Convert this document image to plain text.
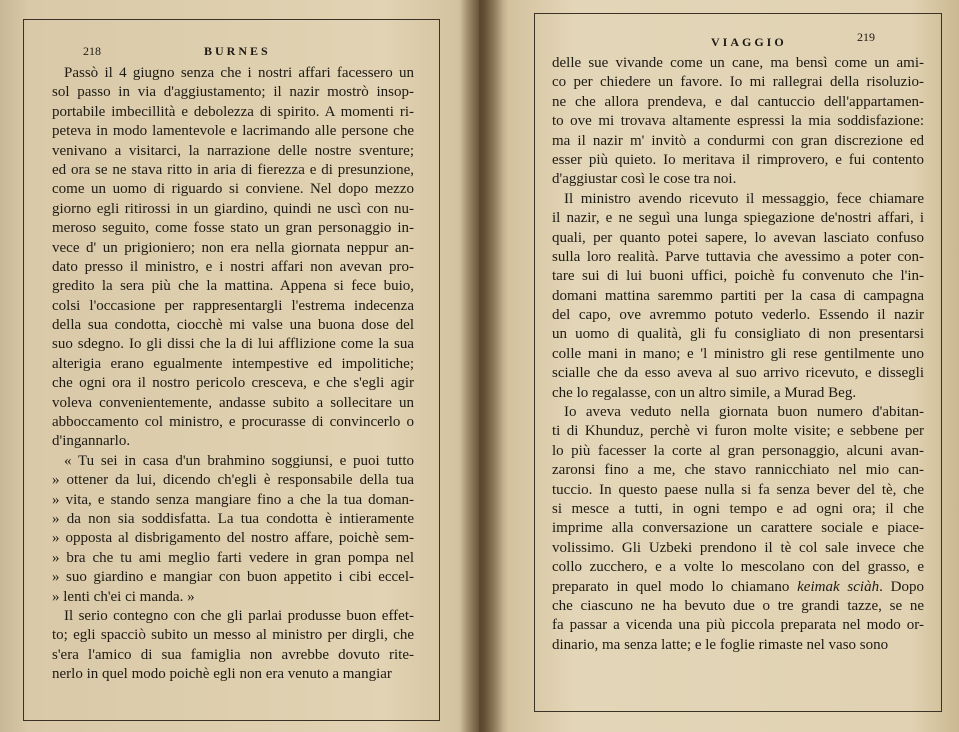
218	BURNES
Passò il 4 giugno senza che i nostri affari facessero un
sol passo in via d'aggiustamento; il nazir mostrò insop-
portabile imbecillità e debolezza di spirito. A momenti ri-
peteva in modo lamentevole e lacrimando alle persone che
venivano a visitarci, la narrazione delle nostre sventure;
ed ora se ne stava ritto in aria di fierezza e di presunzione,
come un uomo di riguardo si conviene. Nel dopo mezzo
giorno egli ritirossi in un giardino, quindi ne uscì con nu-
meroso seguito, come fosse stato un gran personaggio in-
vece d' un prigioniero; non era nella giornata neppur an-
dato presso il ministro, e i nostri affari non avevan pro-
gredito la sera più che la mattina. Appena si fece buio,
colsi l'occasione per rappresentargli l'estrema indecenza
della sua condotta, ciocchè mi valse una buona dose del
suo sdegno. Io gli dissi che la di lui afflizione come la sua
alterigia erano egualmente intempestive ed impolitiche;
che ogni ora il nostro pericolo cresceva, e che s'egli agir
voleva convenientemente, andasse subito a sollecitare un
abboccamento col ministro, e procurasse di convincerlo o
d'ingannarlo.
« Tu sei in casa d'un brahmino soggiunsi, e puoi tutto
» ottener da lui, dicendo ch'egli è responsabile della tua
» vita, e stando senza mangiare fino a che la tua doman-
» da non sia soddisfatta. La tua condotta è intieramente
» opposta al disbrigamento del nostro affare, poichè sem-
» bra che tu ami meglio farti vedere in gran pompa nel
» suo giardino e mangiar con buon appetito i cibi eccel-
» lenti ch'ei ci manda. »
Il serio contegno con che gli parlai produsse buon effet-
to; egli spacciò subito un messo al ministro per dirgli, che
s'era l'amico di sua famiglia non avrebbe dovuto rite-
nerlo in quel modo poichè egli non era venuto a mangiar
VIAGGIO	219
delle sue vivande come un cane, ma bensì come un ami-
co per chiedere un favore. Io mi rallegrai della risoluzio-
ne che allora prendeva, e dal cantuccio dell'appartamen-
to ove mi trovava altamente espressi la mia soddisfazione:
ma il nazir m' invitò a condurmi con gran discrezione ed
esser più quieto. Io meritava il rimprovero, e fui contento
d'aggiustar così le cose tra noi.
Il ministro avendo ricevuto il messaggio, fece chiamare
il nazir, e ne seguì una lunga spiegazione de'nostri affari, i
quali, per quanto potei sapere, lo avevan lasciato confuso
sulla loro realità. Parve tuttavia che avessimo a poter con-
tare sui di lui buoni uffici, poichè fu convenuto che l'in-
domani mattina saremmo partiti per la casa di campagna
del capo, ove avremmo potuto vederlo. Essendo il nazir
un uomo di qualità, gli fu consigliato di non presentarsi
colle mani in mano; e 'l ministro gli rese gentilmente uno
scialle che da esso aveva al suo arrivo ricevuto, e dissegli
che lo regalasse, con un altro simile, a Murad Beg.
Io aveva veduto nella giornata buon numero d'abitan-
ti di Khunduz, perchè vi furon molte visite; e sebbene per
lo più facesser la corte al gran personaggio, alcuni avan-
zaronsi fino a me, che stavo rannicchiato nel mio can-
tuccio. In questo paese nulla si fa senza bever del tè, che
si mesce a tutti, in ogni tempo e ad ogni ora; il che
imprime alla conversazione un carattere sociale e piace-
volissimo. Gli Uzbeki prendono il tè col sale invece che
collo zucchero, e a volte lo mescolano con del grasso, e
preparato in quel modo lo chiamano keimak sciàh. Dopo
che ciascuno ne ha bevuto due o tre grandi tazze, se ne
fa passar a vicenda una più piccola preparata nel modo or-
dinario, ma senza latte; e le foglie rimaste nel vaso sono
